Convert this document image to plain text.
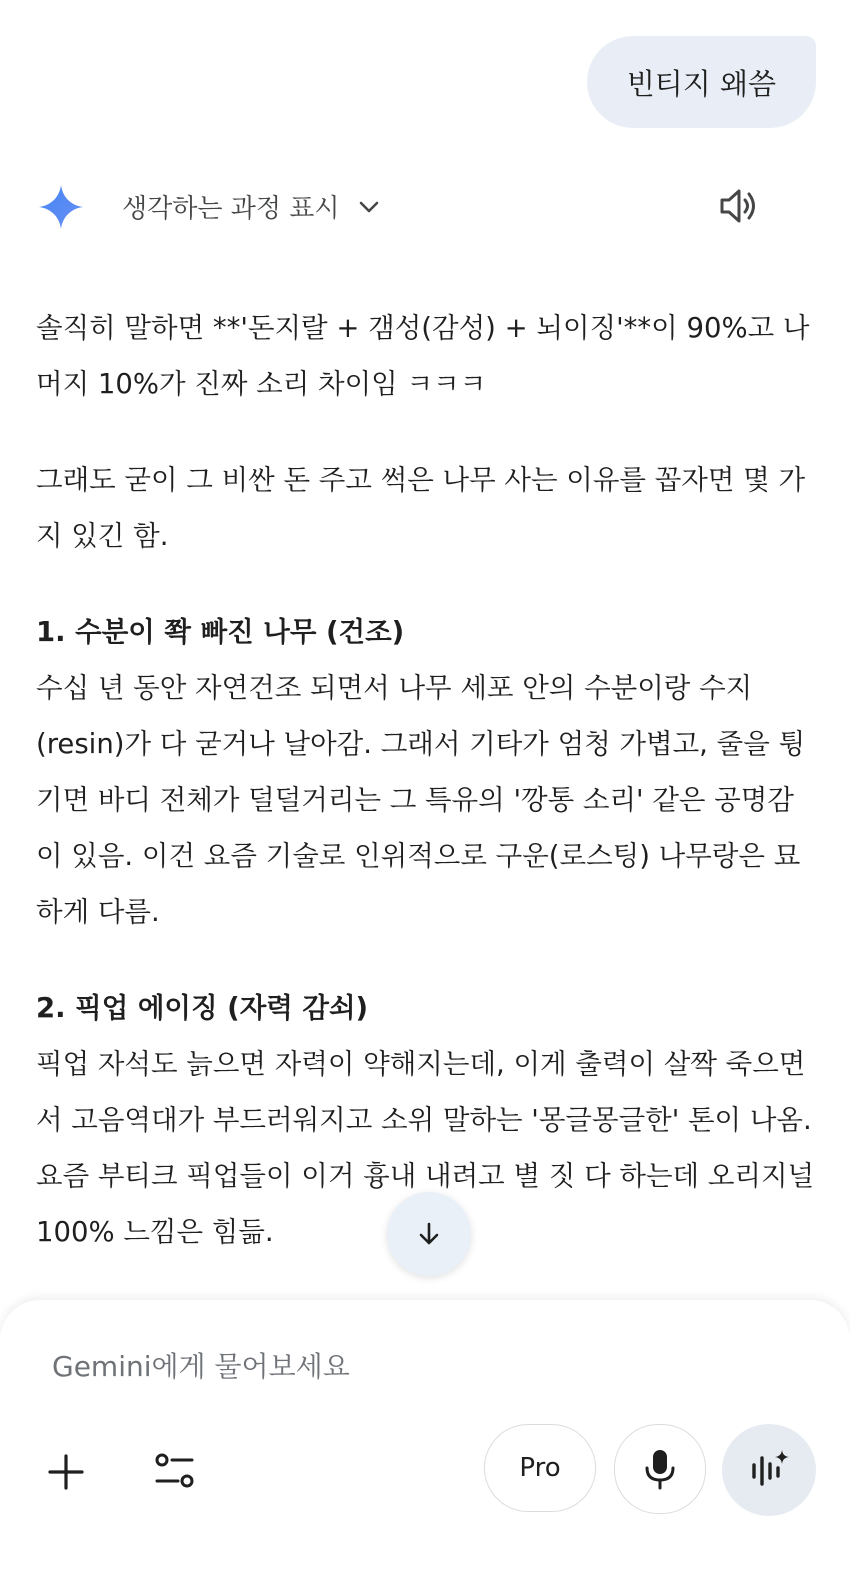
빈티지 왜씀
생각하는 과정 표시

솔직히 말하면 **'돈지랄 + 갬성(감성) + 뇌이징'**이 90%고 나머지 10%가 진짜 소리 차이임 ㅋㅋㅋ

그래도 굳이 그 비싼 돈 주고 썩은 나무 사는 이유를 꼽자면 몇 가지 있긴 함.

1. 수분이 쫙 빠진 나무 (건조)
수십 년 동안 자연건조 되면서 나무 세포 안의 수분이랑 수지(resin)가 다 굳거나 날아감. 그래서 기타가 엄청 가볍고, 줄을 튕기면 바디 전체가 덜덜거리는 그 특유의 '깡통 소리' 같은 공명감이 있음. 이건 요즘 기술로 인위적으로 구운(로스팅) 나무랑은 묘하게 다름.
2. 픽업 에이징 (자력 감쇠)
픽업 자석도 늙으면 자력이 약해지는데, 이게 출력이 살짝 죽으면서 고음역대가 부드러워지고 소위 말하는 '몽글몽글한' 톤이 나옴. 요즘 부티크 픽업들이 이거 흉내 내려고 별 짓 다 하는데 오리지널 100% 느낌은 힘듦.
Gemini에게 물어보세요
Pro
